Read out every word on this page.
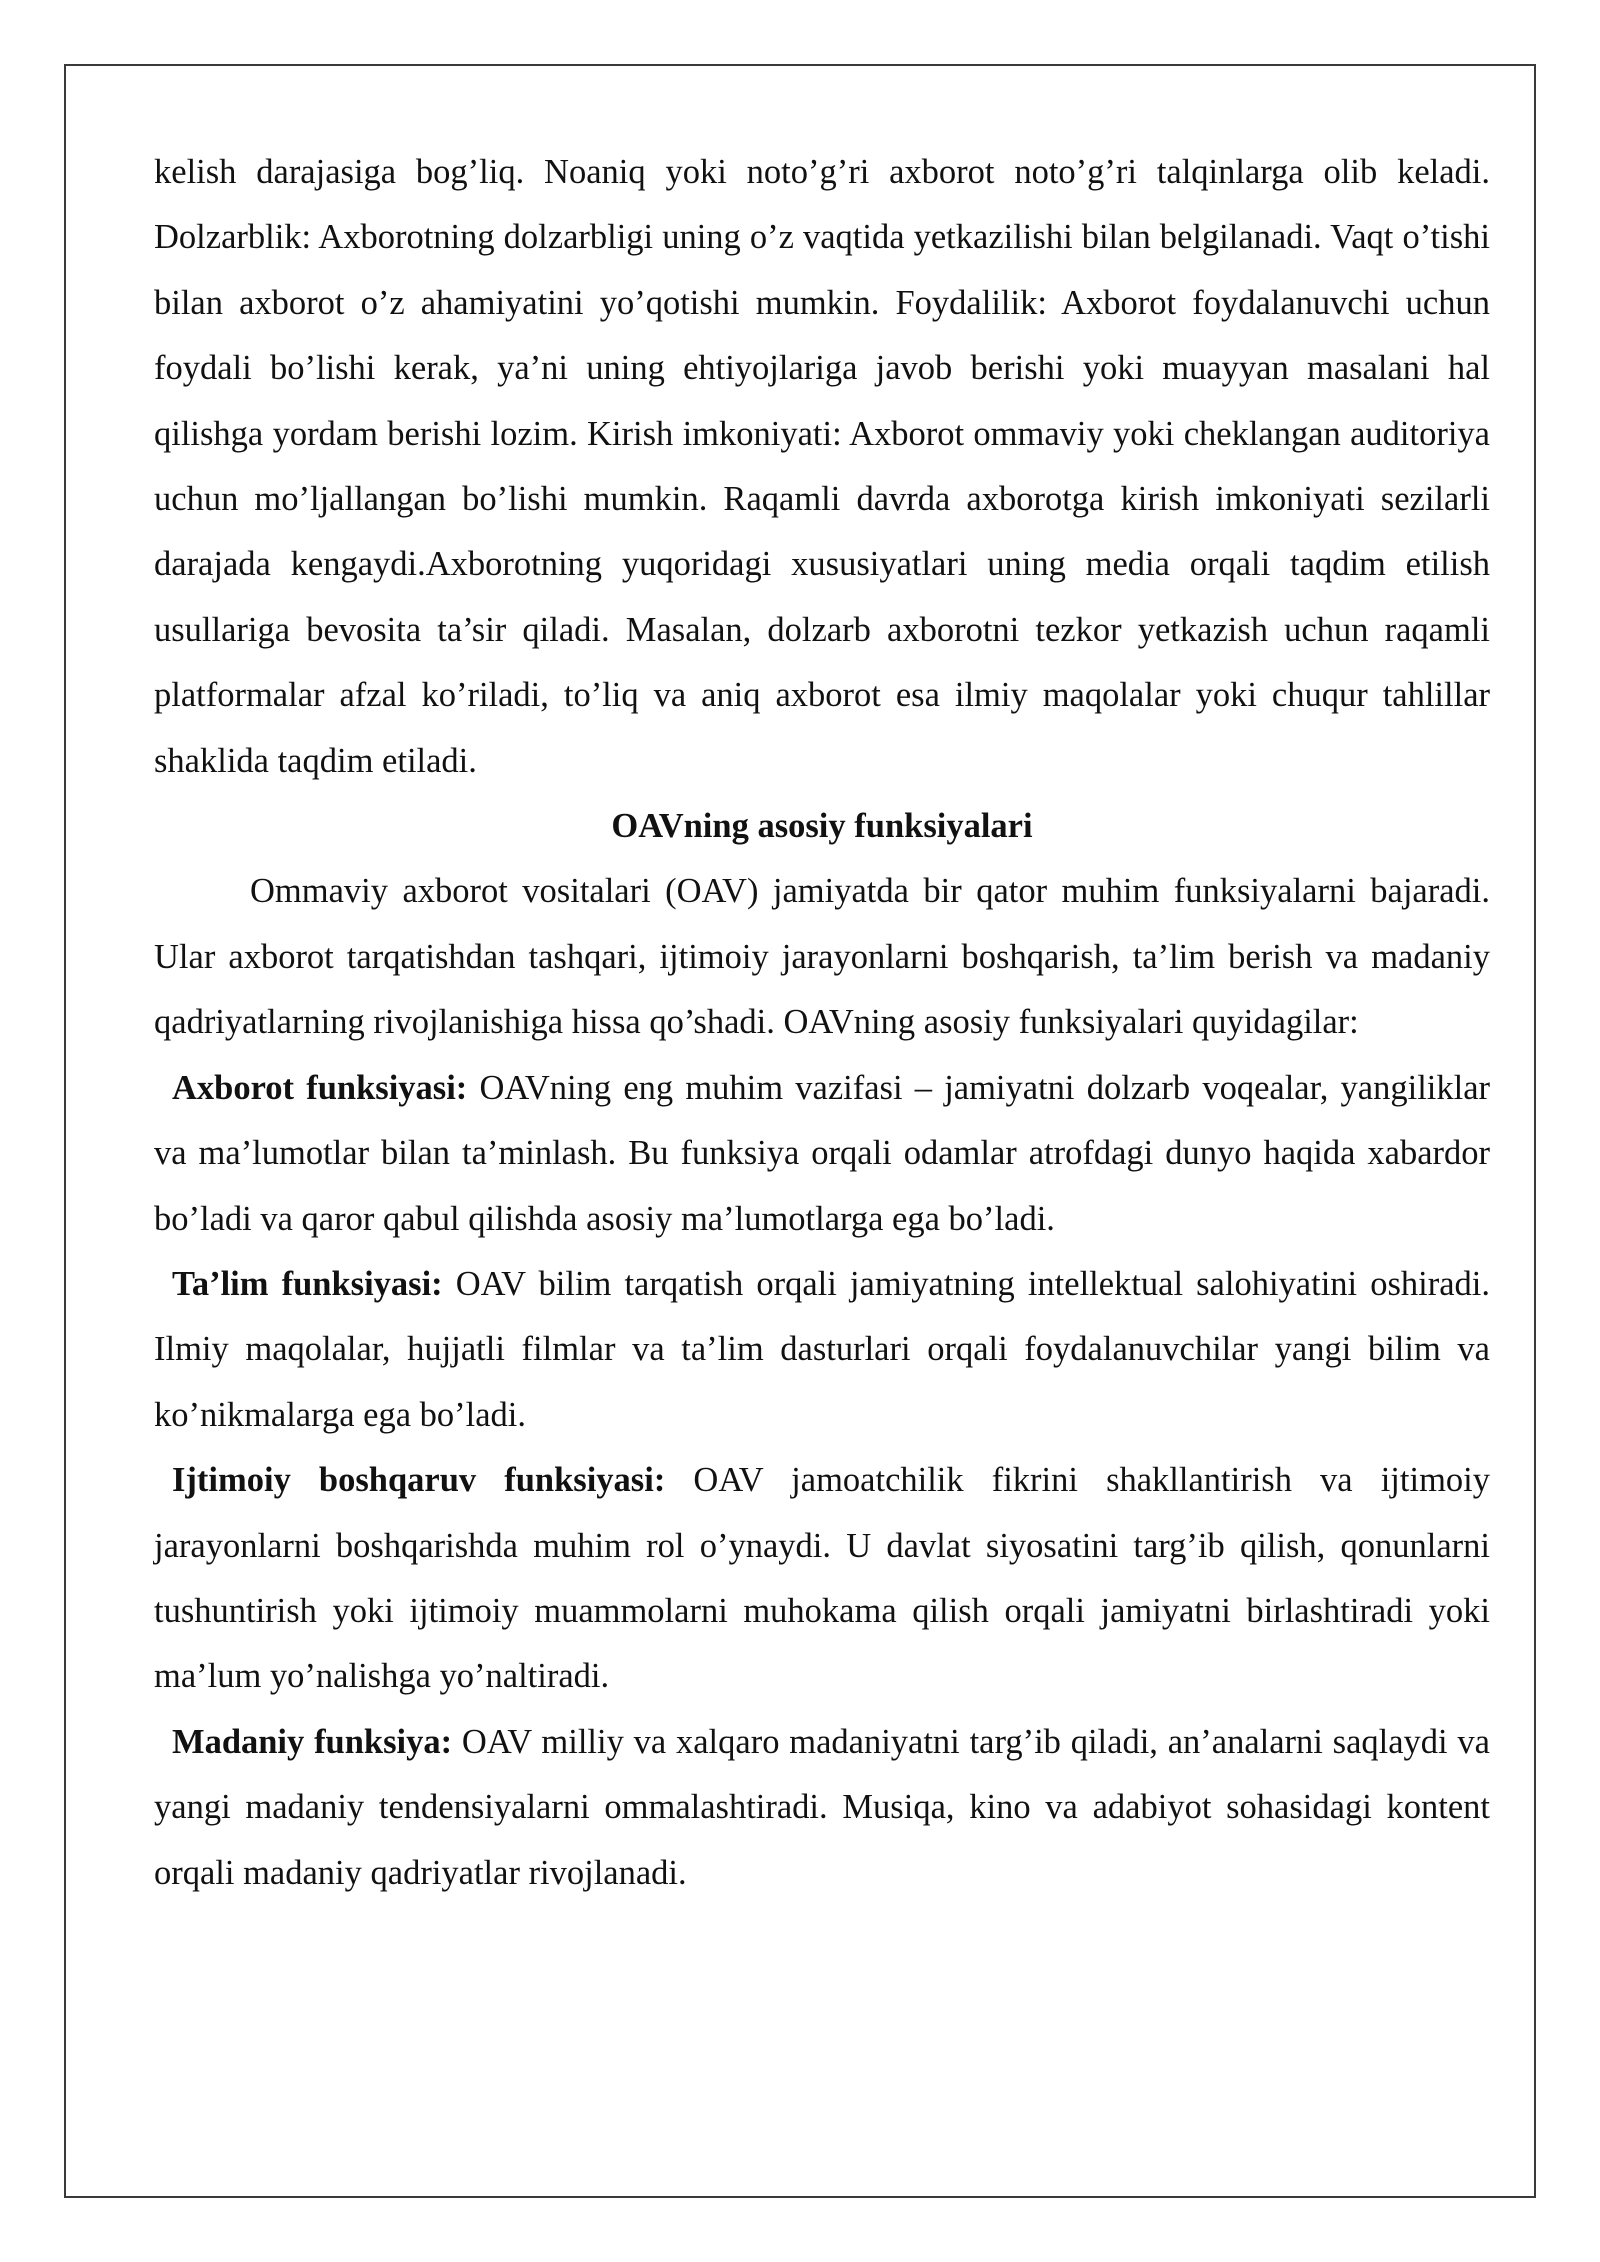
kelish darajasiga bog’liq. Noaniq yoki noto’g’ri axborot noto’g’ri talqinlarga olib keladi. Dolzarblik: Axborotning dolzarbligi uning o’z vaqtida yetkazilishi bilan belgilanadi. Vaqt o’tishi bilan axborot o’z ahamiyatini yo’qotishi mumkin. Foydalilik: Axborot foydalanuvchi uchun foydali bo’lishi kerak, ya’ni uning ehtiyojlariga javob berishi yoki muayyan masalani hal qilishga yordam berishi lozim. Kirish imkoniyati: Axborot ommaviy yoki cheklangan auditoriya uchun mo’ljallangan bo’lishi mumkin. Raqamli davrda axborotga kirish imkoniyati sezilarli darajada kengaydi.Axborotning yuqoridagi xususiyatlari uning media orqali taqdim etilish usullariga bevosita ta’sir qiladi. Masalan, dolzarb axborotni tezkor yetkazish uchun raqamli platformalar afzal ko’riladi, to’liq va aniq axborot esa ilmiy maqolalar yoki chuqur tahlillar shaklida taqdim etiladi.

OAVning asosiy funksiyalari

Ommaviy axborot vositalari (OAV) jamiyatda bir qator muhim funksiyalarni bajaradi. Ular axborot tarqatishdan tashqari, ijtimoiy jarayonlarni boshqarish, ta’lim berish va madaniy qadriyatlarning rivojlanishiga hissa qo’shadi. OAVning asosiy funksiyalari quyidagilar:

Axborot funksiyasi: OAVning eng muhim vazifasi – jamiyatni dolzarb voqealar, yangiliklar va ma’lumotlar bilan ta’minlash. Bu funksiya orqali odamlar atrofdagi dunyo haqida xabardor bo’ladi va qaror qabul qilishda asosiy ma’lumotlarga ega bo’ladi.

Ta’lim funksiyasi: OAV bilim tarqatish orqali jamiyatning intellektual salohiyatini oshiradi. Ilmiy maqolalar, hujjatli filmlar va ta’lim dasturlari orqali foydalanuvchilar yangi bilim va ko’nikmalarga ega bo’ladi.

Ijtimoiy boshqaruv funksiyasi: OAV jamoatchilik fikrini shakllantirish va ijtimoiy jarayonlarni boshqarishda muhim rol o’ynaydi. U davlat siyosatini targ’ib qilish, qonunlarni tushuntirish yoki ijtimoiy muammolarni muhokama qilish orqali jamiyatni birlashtiradi yoki ma’lum yo’nalishga yo’naltiradi.

Madaniy funksiya: OAV milliy va xalqaro madaniyatni targ’ib qiladi, an’analarni saqlaydi va yangi madaniy tendensiyalarni ommalashtiradi. Musiqa, kino va adabiyot sohasidagi kontent orqali madaniy qadriyatlar rivojlanadi.
